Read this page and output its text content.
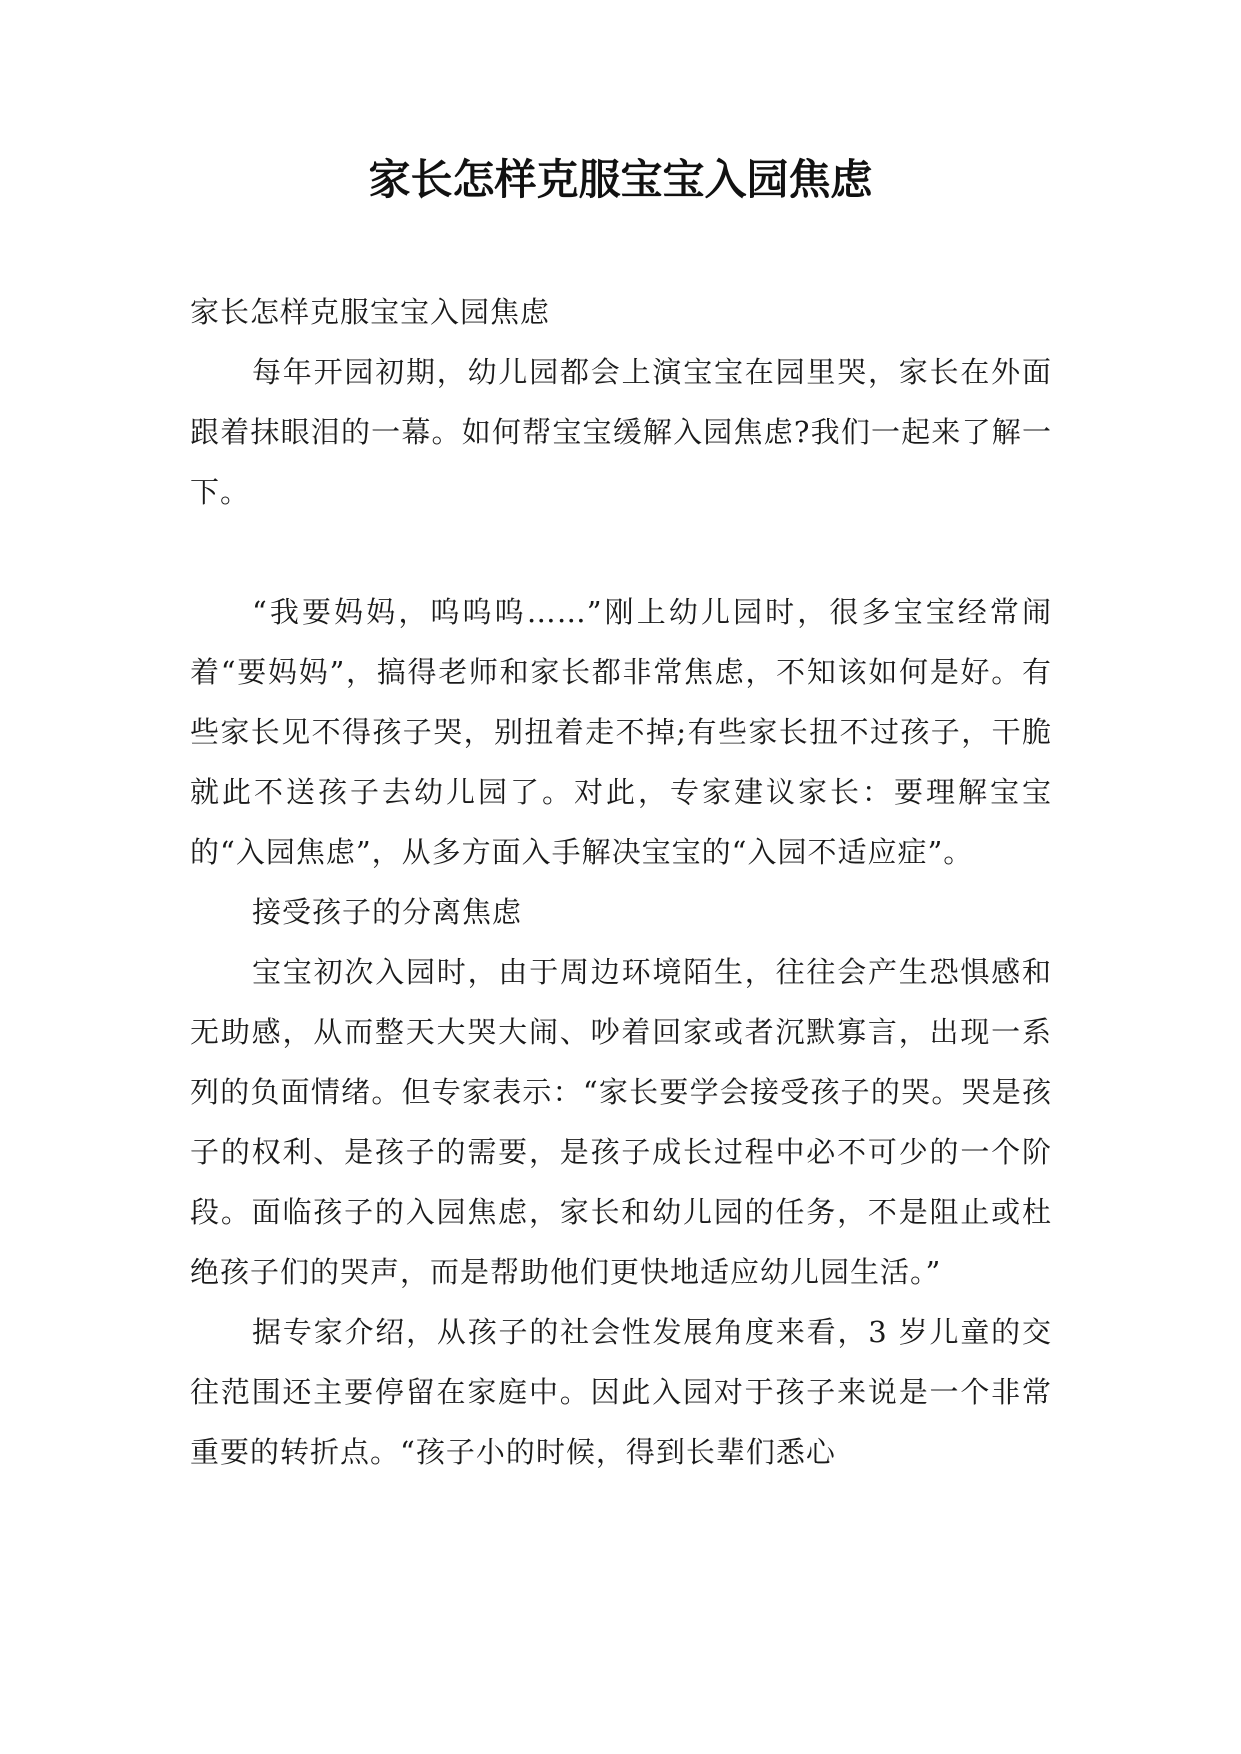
家长怎样克服宝宝入园焦虑

家长怎样克服宝宝入园焦虑

每年开园初期，幼儿园都会上演宝宝在园里哭，家长在外面跟着抹眼泪的一幕。如何帮宝宝缓解入园焦虑?我们一起来了解一下。

“我要妈妈，呜呜呜……”刚上幼儿园时，很多宝宝经常闹着“要妈妈”，搞得老师和家长都非常焦虑，不知该如何是好。有些家长见不得孩子哭，别扭着走不掉;有些家长扭不过孩子，干脆就此不送孩子去幼儿园了。对此，专家建议家长：要理解宝宝的“入园焦虑”，从多方面入手解决宝宝的“入园不适应症”。

接受孩子的分离焦虑

宝宝初次入园时，由于周边环境陌生，往往会产生恐惧感和无助感，从而整天大哭大闹、吵着回家或者沉默寡言，出现一系列的负面情绪。但专家表示：“家长要学会接受孩子的哭。哭是孩子的权利、是孩子的需要，是孩子成长过程中必不可少的一个阶段。面临孩子的入园焦虑，家长和幼儿园的任务，不是阻止或杜绝孩子们的哭声，而是帮助他们更快地适应幼儿园生活。”

据专家介绍，从孩子的社会性发展角度来看，3 岁儿童的交往范围还主要停留在家庭中。因此入园对于孩子来说是一个非常重要的转折点。“孩子小的时候，得到长辈们悉心
